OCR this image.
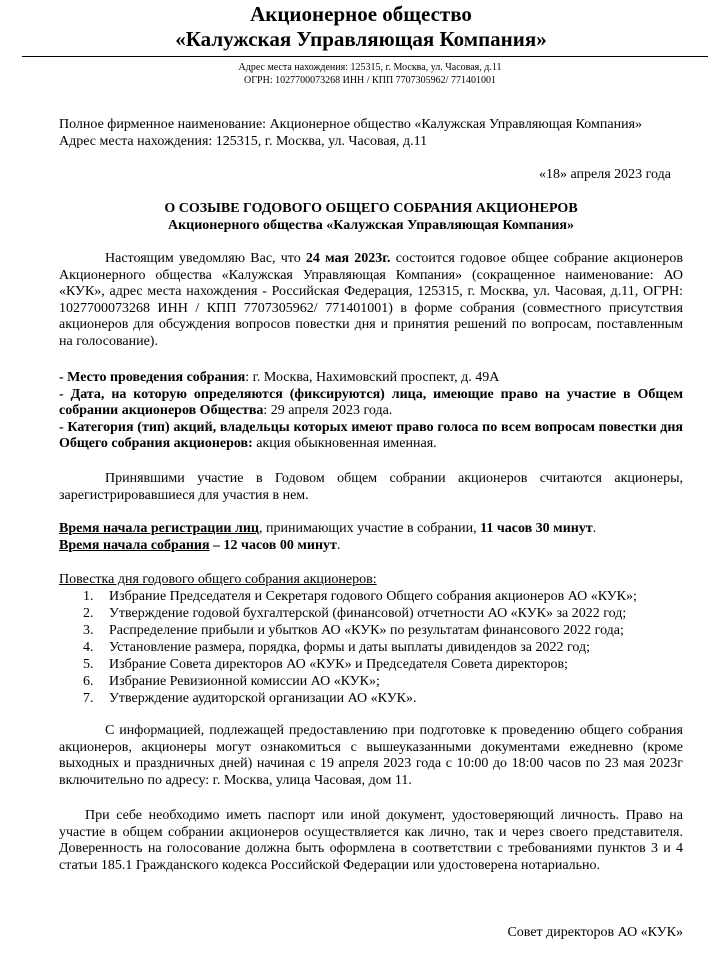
Акционерное общество
«Калужская Управляющая Компания»
Адрес места нахождения: 125315, г. Москва, ул. Часовая, д.11
ОГРН: 1027700073268 ИНН / КПП 7707305962/ 771401001
Полное фирменное наименование: Акционерное общество «Калужская Управляющая Компания»
Адрес места нахождения: 125315, г. Москва, ул. Часовая, д.11
«18» апреля 2023 года
О СОЗЫВЕ ГОДОВОГО ОБЩЕГО СОБРАНИЯ АКЦИОНЕРОВ
Акционерного общества «Калужская Управляющая Компания»
Настоящим уведомляю Вас, что 24 мая 2023г. состоится годовое общее собрание акционеров Акционерного общества «Калужская Управляющая Компания» (сокращенное наименование: АО «КУК», адрес места нахождения - Российская Федерация, 125315, г. Москва, ул. Часовая, д.11, ОГРН: 1027700073268 ИНН / КПП 7707305962/ 771401001) в форме собрания (совместного присутствия акционеров для обсуждения вопросов повестки дня и принятия решений по вопросам, поставленным на голосование).
- Место проведения собрания: г. Москва, Нахимовский проспект, д. 49А
- Дата, на которую определяются (фиксируются) лица, имеющие право на участие в Общем собрании акционеров Общества: 29 апреля 2023 года.
- Категория (тип) акций, владельцы которых имеют право голоса по всем вопросам повестки дня Общего собрания акционеров: акция обыкновенная именная.
Принявшими участие в Годовом общем собрании акционеров считаются акционеры, зарегистрировавшиеся для участия в нем.
Время начала регистрации лиц, принимающих участие в собрании, 11 часов 30 минут.
Время начала собрания – 12 часов 00 минут.
Повестка дня годового общего собрания акционеров:
1.	Избрание Председателя и Секретаря годового Общего собрания акционеров АО «КУК»;
2.	Утверждение годовой бухгалтерской (финансовой) отчетности АО «КУК» за 2022 год;
3.	Распределение прибыли и убытков АО «КУК» по результатам финансового 2022 года;
4.	Установление размера, порядка, формы и даты выплаты дивидендов за 2022 год;
5.	Избрание Совета директоров АО «КУК» и Председателя Совета директоров;
6.	Избрание Ревизионной комиссии АО «КУК»;
7.	Утверждение аудиторской организации АО «КУК».
С информацией, подлежащей предоставлению при подготовке к проведению общего собрания акционеров, акционеры могут ознакомиться с вышеуказанными документами ежедневно (кроме выходных и праздничных дней) начиная с 19 апреля 2023 года с 10:00 до 18:00 часов по 23 мая 2023г включительно по адресу: г. Москва, улица Часовая, дом 11.
При себе необходимо иметь паспорт или иной документ, удостоверяющий личность. Право на участие в общем собрании акционеров осуществляется как лично, так и через своего представителя. Доверенность на голосование должна быть оформлена в соответствии с требованиями пунктов 3 и 4 статьи 185.1 Гражданского кодекса Российской Федерации или удостоверена нотариально.
Совет директоров АО «КУК»
